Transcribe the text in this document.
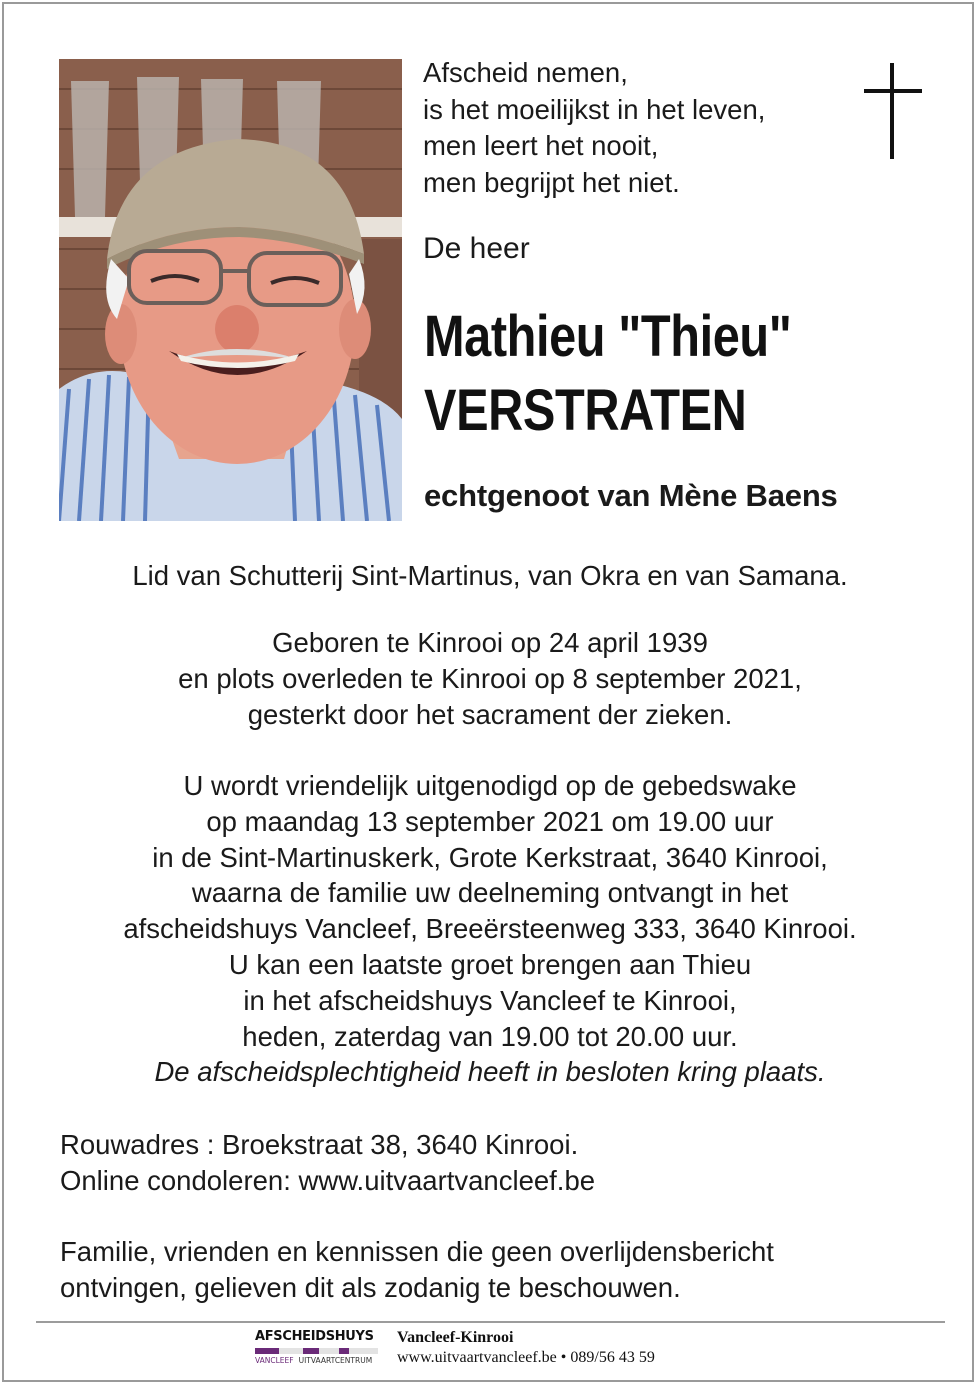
Afscheid nemen,
is het moeilijkst in het leven,
men leert het nooit,
men begrijpt het niet.
De heer
Mathieu "Thieu"
VERSTRATEN
echtgenoot van Mène Baens
Lid van Schutterij Sint-Martinus, van Okra en van Samana.
Geboren te Kinrooi op 24 april 1939
en plots overleden te Kinrooi op 8 september 2021,
gesterkt door het sacrament der zieken.
U wordt vriendelijk uitgenodigd op de gebedswake
op maandag 13 september 2021 om 19.00 uur
in de Sint-Martinuskerk, Grote Kerkstraat, 3640 Kinrooi,
waarna de familie uw deelneming ontvangt in het
afscheidshuys Vancleef, Breeërsteenweg 333, 3640 Kinrooi.
U kan een laatste groet brengen aan Thieu
in het afscheidshuys Vancleef te Kinrooi,
heden, zaterdag van 19.00 tot 20.00 uur.
De afscheidsplechtigheid heeft in besloten kring plaats.
Rouwadres : Broekstraat 38, 3640 Kinrooi.
Online condoleren: www.uitvaartvancleef.be
Familie, vrienden en kennissen die geen overlijdensbericht
ontvingen, gelieven dit als zodanig te beschouwen.
AFSCHEIDSHUYS
VANCLEEF UITVAARTCENTRUM
Vancleef-Kinrooi
www.uitvaartvancleef.be • 089/56 43 59
